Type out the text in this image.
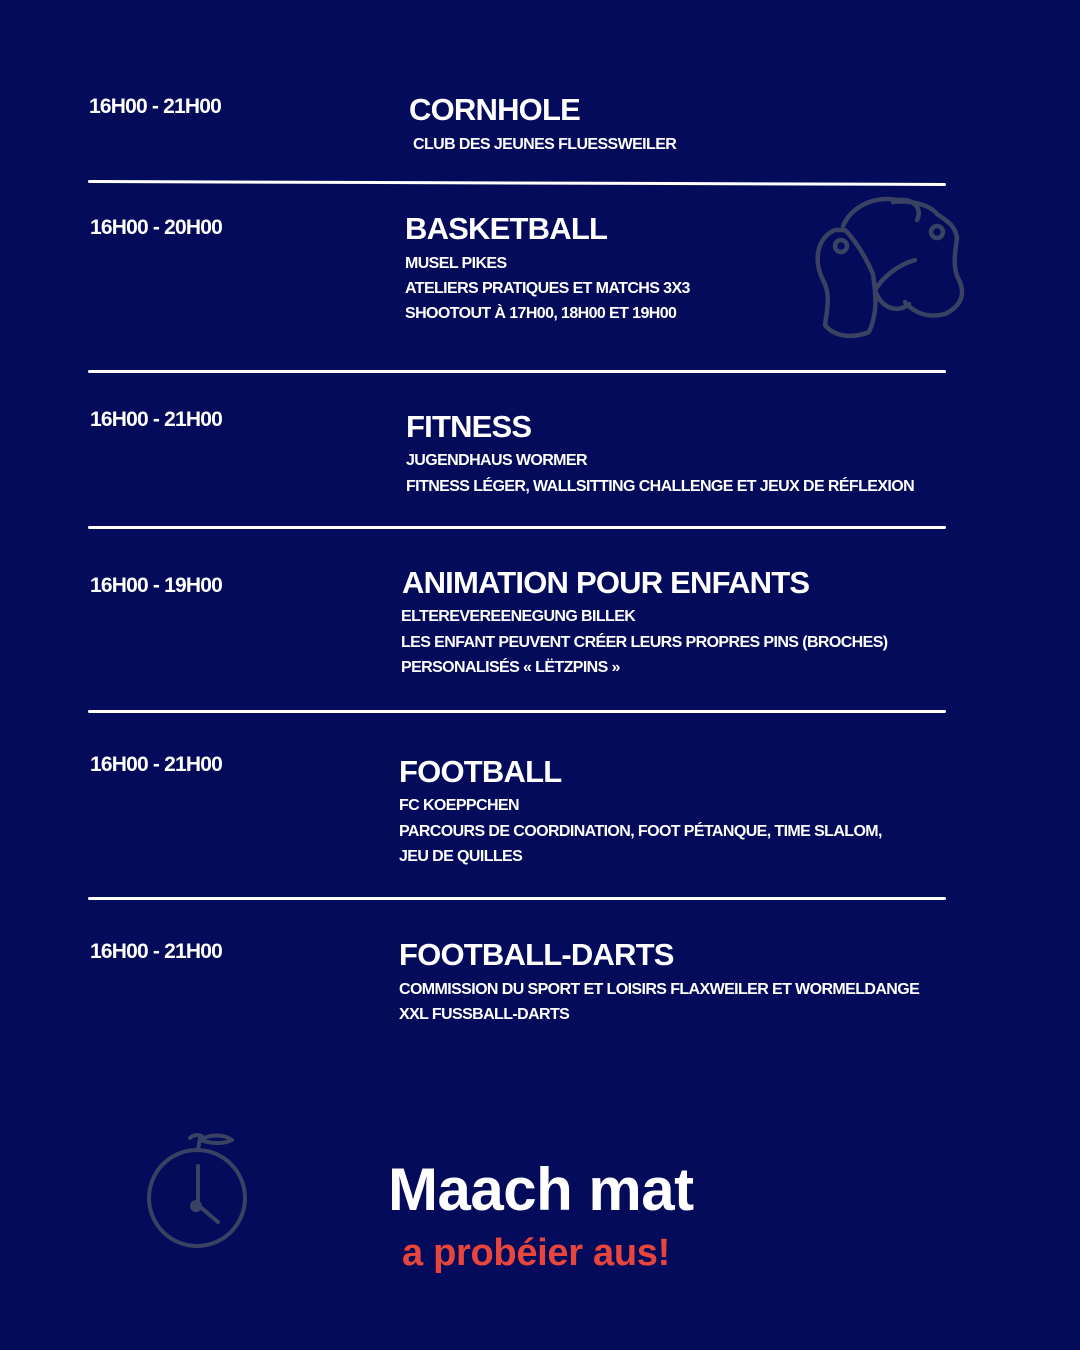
16H00 - 21H00	CORNHOLE
CLUB DES JEUNES FLUESSWEILER
16H00 - 20H00	BASKETBALL
MUSEL PIKES
ATELIERS PRATIQUES ET MATCHS 3X3
SHOOTOUT À 17H00, 18H00 ET 19H00
16H00 - 21H00	FITNESS
JUGENDHAUS WORMER
FITNESS LÉGER, WALLSITTING CHALLENGE ET JEUX DE RÉFLEXION
16H00 - 19H00	ANIMATION POUR ENFANTS
ELTEREVEREENEGUNG BILLEK
LES ENFANT PEUVENT CRÉER LEURS PROPRES PINS (BROCHES)
PERSONALISÉS « LËTZPINS »
16H00 - 21H00	FOOTBALL
FC KOEPPCHEN
PARCOURS DE COORDINATION, FOOT PÉTANQUE, TIME SLALOM,
JEU DE QUILLES
16H00 - 21H00	FOOTBALL-DARTS
COMMISSION DU SPORT ET LOISIRS FLAXWEILER ET WORMELDANGE
XXL FUSSBALL-DARTS
Maach mat
a probéier aus!
